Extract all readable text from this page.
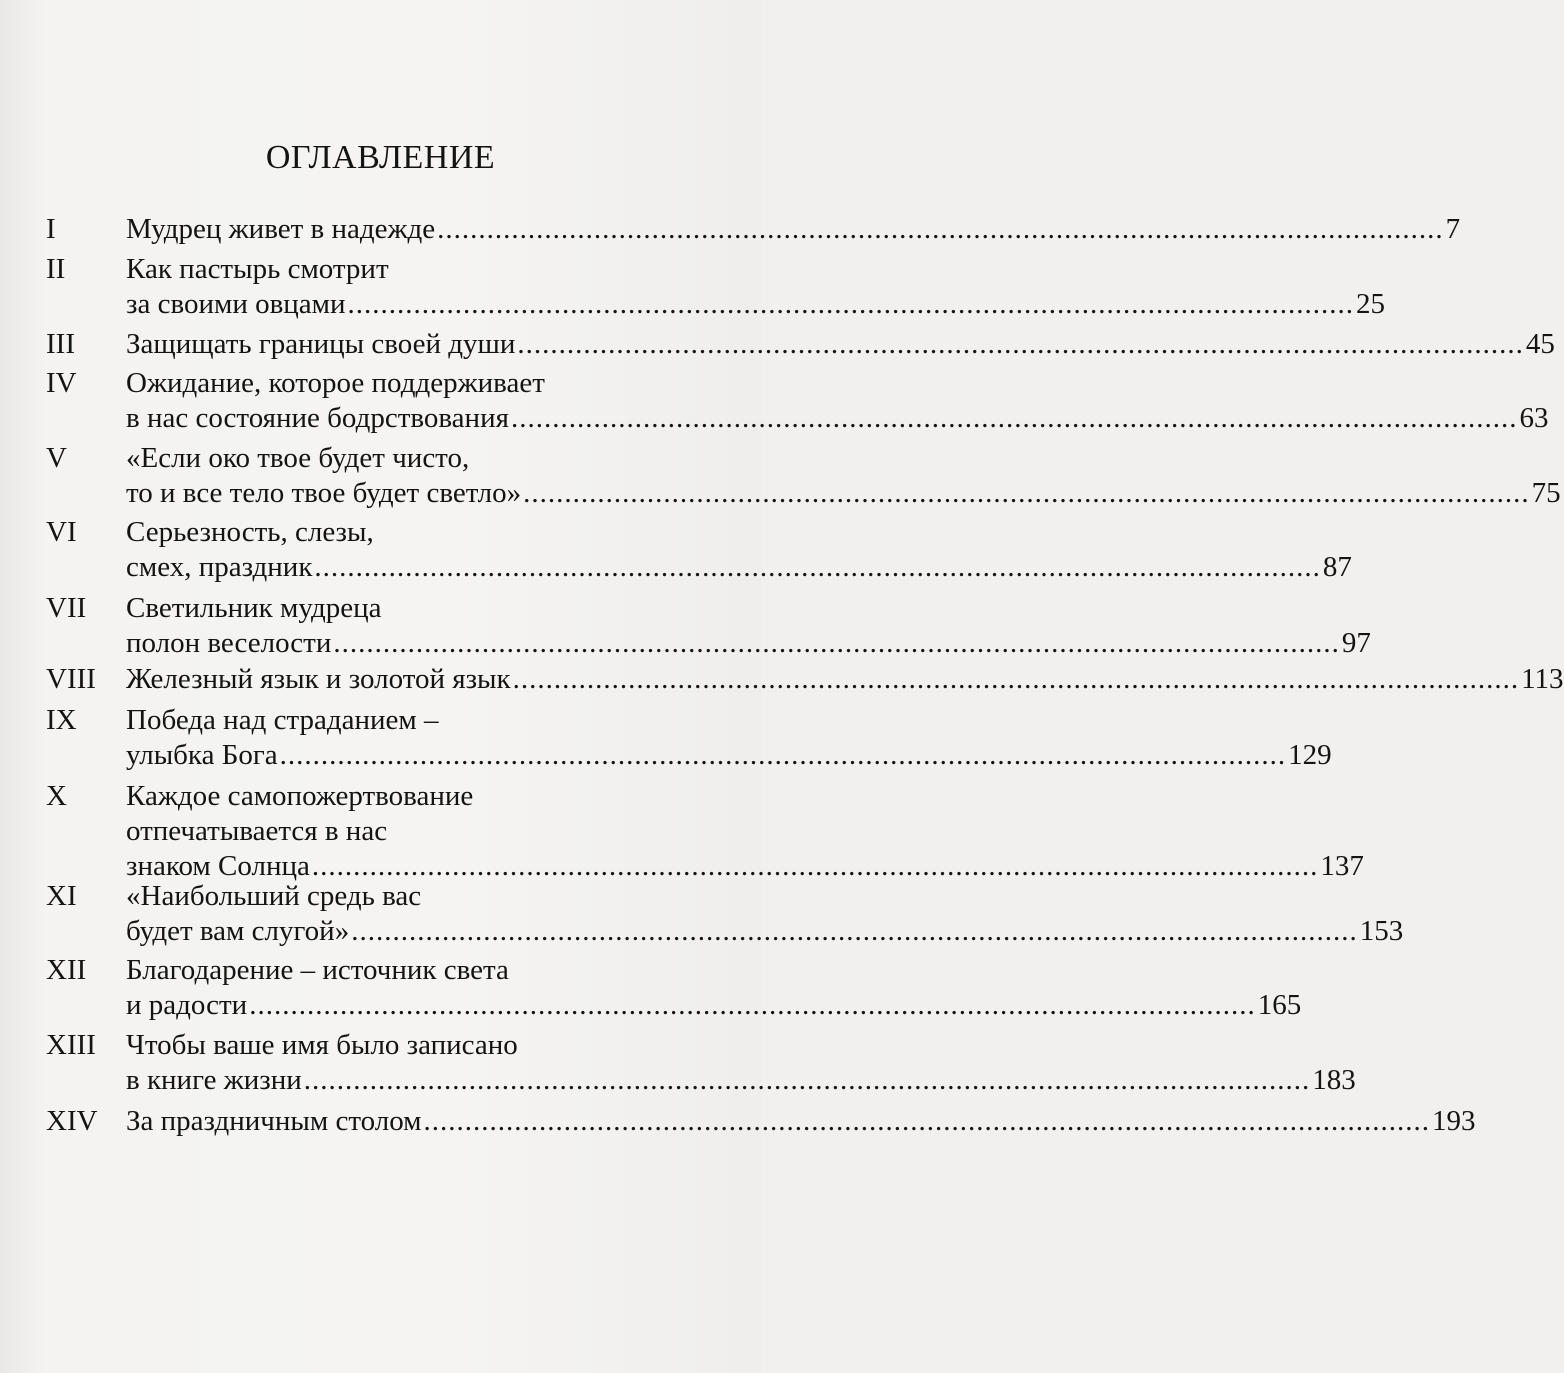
ОГЛАВЛЕНИЕ
I	Мудрец живет в надежде .....	7
II	Как пастырь смотрит
за своими овцами .....	25
III	Защищать границы своей души .....	45
IV	Ожидание, которое поддерживает
в нас состояние бодрствования .....	63
V	«Если око твое будет чисто,
то и все тело твое будет светло» .....	75
VI	Серьезность, слезы,
смех, праздник .....	87
VII	Светильник мудреца
полон веселости .....	97
VIII	Железный язык и золотой язык .....	113
IX	Победа над страданием –
улыбка Бога .....	129
X	Каждое самопожертвование
отпечатывается в нас
знаком Солнца .....	137
XI	«Наибольший средь вас
будет вам слугой» .....	153
XII	Благодарение – источник света
и радости .....	165
XIII	Чтобы ваше имя было записано
в книге жизни .....	183
XIV За праздничным столом .....	193
